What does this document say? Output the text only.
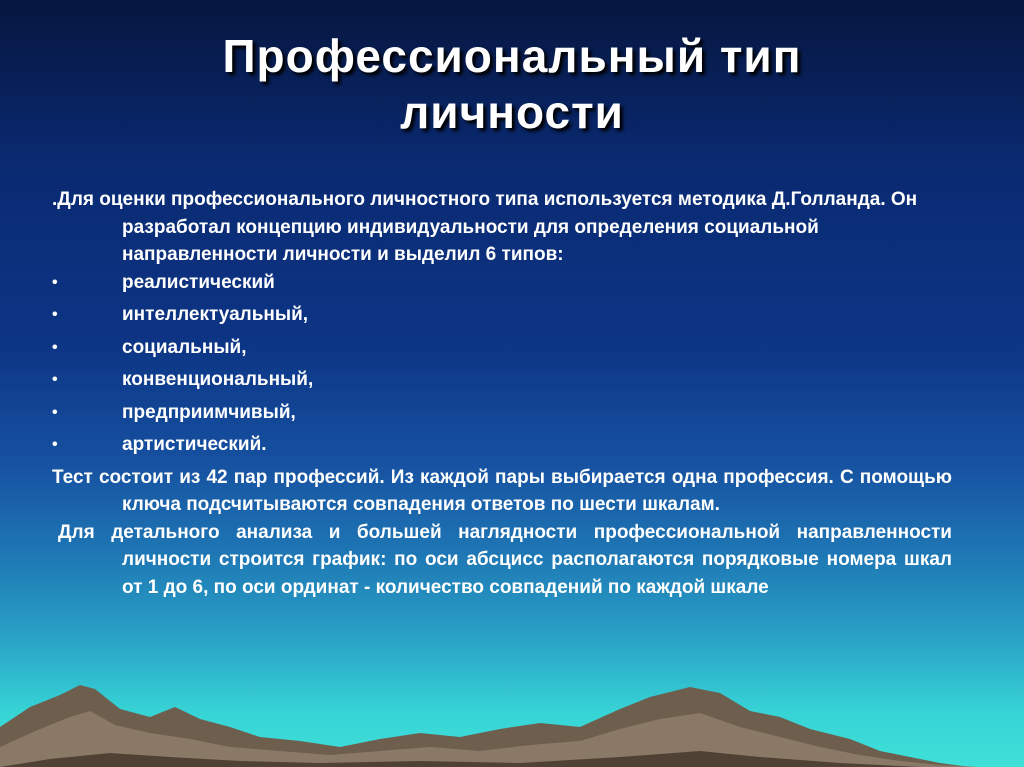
Профессиональный тип
личности

.Для оценки профессионального личностного типа используется методика Д.Голланда. Он разработал концепцию индивидуальности для определения социальной направленности личности и выделил 6 типов:

•	реалистический
•	интеллектуальный,
•	социальный,
•	конвенциональный,
•	предприимчивый,
•	артистический.

Тест состоит из 42 пар профессий. Из каждой пары выбирается одна профессия. С помощью ключа подсчитываются совпадения ответов по шести шкалам.

Для детального анализа и большей наглядности профессиональной направленности личности строится график: по оси абсцисс располагаются порядковые номера шкал от 1 до 6, по оси ординат - количество совпадений по каждой шкале
